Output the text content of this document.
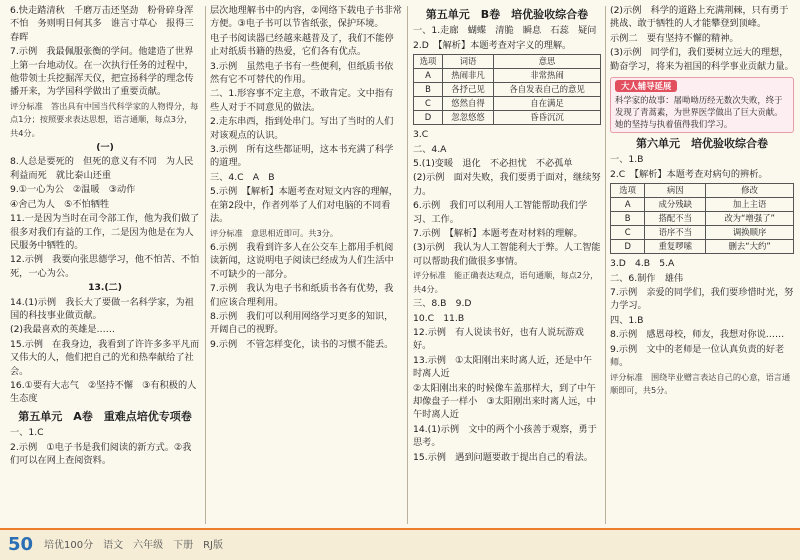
6.快走踏清秋　千磨万击还坚劲　粉骨碎身浑不怕　务则明日何其多　谁言寸草心　报得三春晖

7.示例　我最佩服张衡的学问。他建造了世界上第一台地动仪。在一次执行任务的过程中，他带领士兵挖掘浑天仪，把宣扬科学的理念传播开来，为学国科学做出了重要贡献。

评分标准　答出具有中国当代科学家的人物得分，每点1分；按照要求表达思想，语言通顺，每点3分，共4分。

(一)

8.人总是要死的　但死的意义有不同　为人民利益而死　就比泰山还重

9.①一心为公　②温暖　③动作

④舍己为人　⑤不怕牺牲

11.一是因为当时在司令部工作，他为我们做了很多对我们有益的工作，二是因为他是在为人民服务中牺牲的。

12.示例　我要向张思德学习，他不怕苦、不怕死，一心为公。

13.(二)

14.(1)示例　我长大了要做一名科学家，为祖国的科技事业做贡献。

(2)我最喜欢的英雄是……

15.示例　在我身边，我看到了许许多多平凡而又伟大的人，他们把自己的光和热奉献给了社会。

16.①要有大志气　②坚持不懈　③有积极的人生态度

第五单元　A卷　重难点培优专项卷

一、1.C

2.示例　①电子书是我们阅读的新方式。②我们可以在网上查阅资料。

层次地理解书中的内容，②网络下载电子书非常方便。③电子书可以节省纸张，保护环境。

电子书阅读器已经越来越普及了，我们不能停止对纸质书籍的热爱，它们各有优点。

3.示例　虽然电子书有一些便利，但纸质书依然有它不可替代的作用。

二、1.形容事不定主意，不敢肯定。文中指有些人对于不同意见的做法。

2.走东串西，指到处串门。写出了当时的人们对该观点的认识。

3.示例　所有这些都证明，这本书充满了科学的道理。

三、4.C　A　B

5.示例　【解析】本题考查对短文内容的理解，在第2段中，作者列举了人们对电脑的不同看法。

评分标准　意思相近即可。共3分。

6.示例　我看到许多人在公交车上都用手机阅读新闻，这说明电子阅读已经成为人们生活中不可缺少的一部分。

7.示例　我认为电子书和纸质书各有优势，我们应该合理利用。

8.示例　我们可以利用网络学习更多的知识，开阔自己的视野。

9.示例　不管怎样变化，读书的习惯不能丢。

第五单元　B卷　培优验收综合卷

一、1.走廊　蝴蝶　清脆　瞬息　石蕊　疑问

2.D　【解析】本题考查对字义的理解。

选项	词语	意思
A	热闹非凡	非常热闹
B	各抒己见	各自发表自己的意见
C	悠然自得	自在满足
D	忽忽悠悠	昏昏沉沉

3.C

二、4.A

5.(1)变暖　退化　不必担忧　不必孤单

(2)示例　面对失败，我们要勇于面对，继续努力。

6.示例　我们可以利用人工智能帮助我们学习、工作。

7.示例　【解析】本题考查对材料的理解。

(3)示例　我认为人工智能利大于弊。人工智能可以帮助我们做很多事情。

评分标准　能正确表达观点，语句通顺，每点2分，共4分。

三、8.B　9.D

10.C　11.B

12.示例　有人说读书好，也有人说玩游戏好。

13.示例　①太阳刚出来时离人近，还是中午时离人近

②太阳刚出来的时候像车盖那样大，到了中午却像盘子一样小　③太阳刚出来时离人远，中午时离人近

14.(1)示例　文中的两个小孩善于观察，勇于思考。

15.示例　遇到问题要敢于提出自己的看法。

(2)示例　科学的道路上充满荆棘，只有勇于挑战、敢于牺牲的人才能攀登到顶峰。

示例二　要有坚持不懈的精神。

(3)示例　同学们，我们要树立远大的理想，勤奋学习，将来为祖国的科学事业贡献力量。

大人辅导延展
科学家的故事：屠呦呦历经无数次失败，终于发现了青蒿素，为世界医学做出了巨大贡献。她的坚持与执着值得我们学习。

第六单元　培优验收综合卷

一、1.B

2.C　【解析】本题考查对病句的辨析。

选项	病因	修改
A	成分残缺	加上主语
B	搭配不当	改为“增强了”
C	语序不当	调换顺序
D	重复啰嗦	删去“大约”

3.D　4.B　5.A

二、6.制作　雄伟

7.示例　亲爱的同学们，我们要珍惜时光，努力学习。

四、1.B

8.示例　感恩母校，师友，我想对你说……

9.示例　文中的老师是一位认真负责的好老师。

评分标准　围绕毕业赠言表达自己的心意，语言通顺即可，共5分。

50 培优100分　语文　六年级　下册　RJ版
